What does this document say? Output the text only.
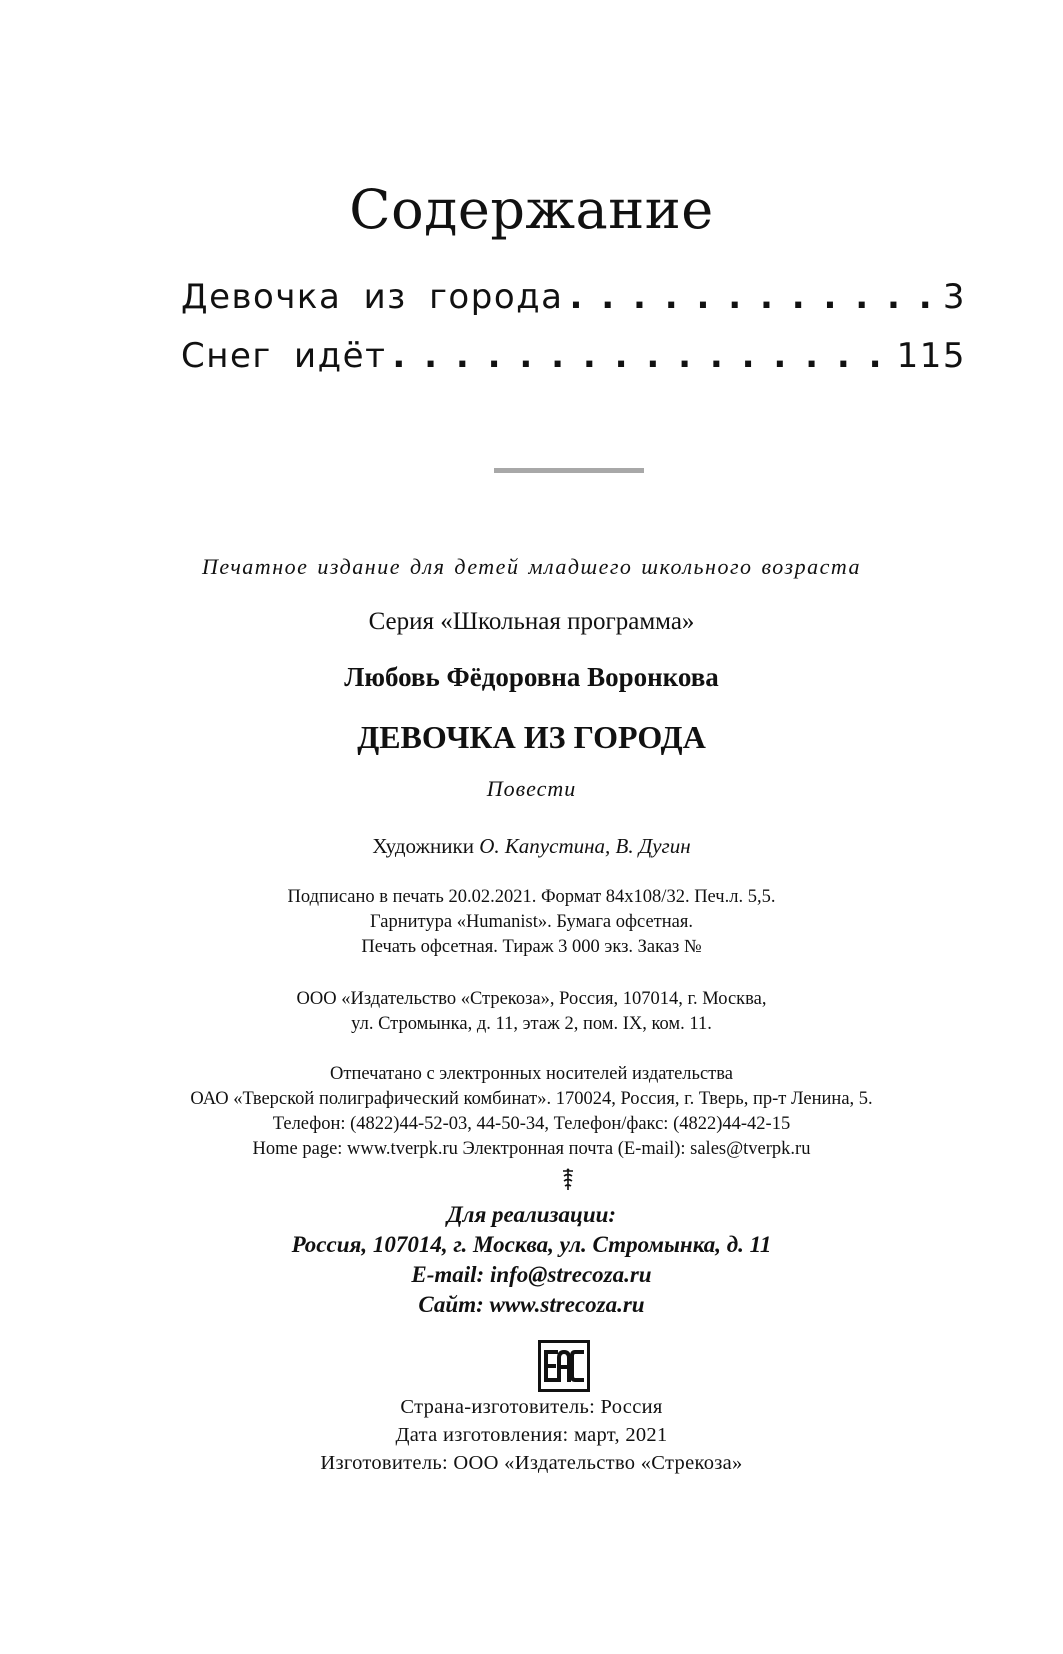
Содержание
Девочка из города . . .	3
Снег идёт . . .	115
Печатное издание для детей младшего школьного возраста
Серия «Школьная программа»
Любовь Фёдоровна Воронкова
ДЕВОЧКА ИЗ ГОРОДА
Повести
Художники О. Капустина, В. Дугин
Подписано в печать 20.02.2021. Формат 84x108/32. Печ.л. 5,5.
Гарнитура «Humanist». Бумага офсетная.
Печать офсетная. Тираж 3 000 экз. Заказ №
ООО «Издательство «Стрекоза», Россия, 107014, г. Москва,
ул. Стромынка, д. 11, этаж 2, пом. IX, ком. 11.
Отпечатано с электронных носителей издательства
ОАО «Тверской полиграфический комбинат». 170024, Россия, г. Тверь, пр-т Ленина, 5.
Телефон: (4822)44-52-03, 44-50-34, Телефон/факс: (4822)44-42-15
Home page: www.tverpk.ru Электронная почта (E-mail): sales@tverpk.ru
Для реализации:
Россия, 107014, г. Москва, ул. Стромынка, д. 11
E-mail: info@strecoza.ru
Сайт: www.strecoza.ru
Страна-изготовитель: Россия
Дата изготовления: март, 2021
Изготовитель: ООО «Издательство «Стрекоза»
